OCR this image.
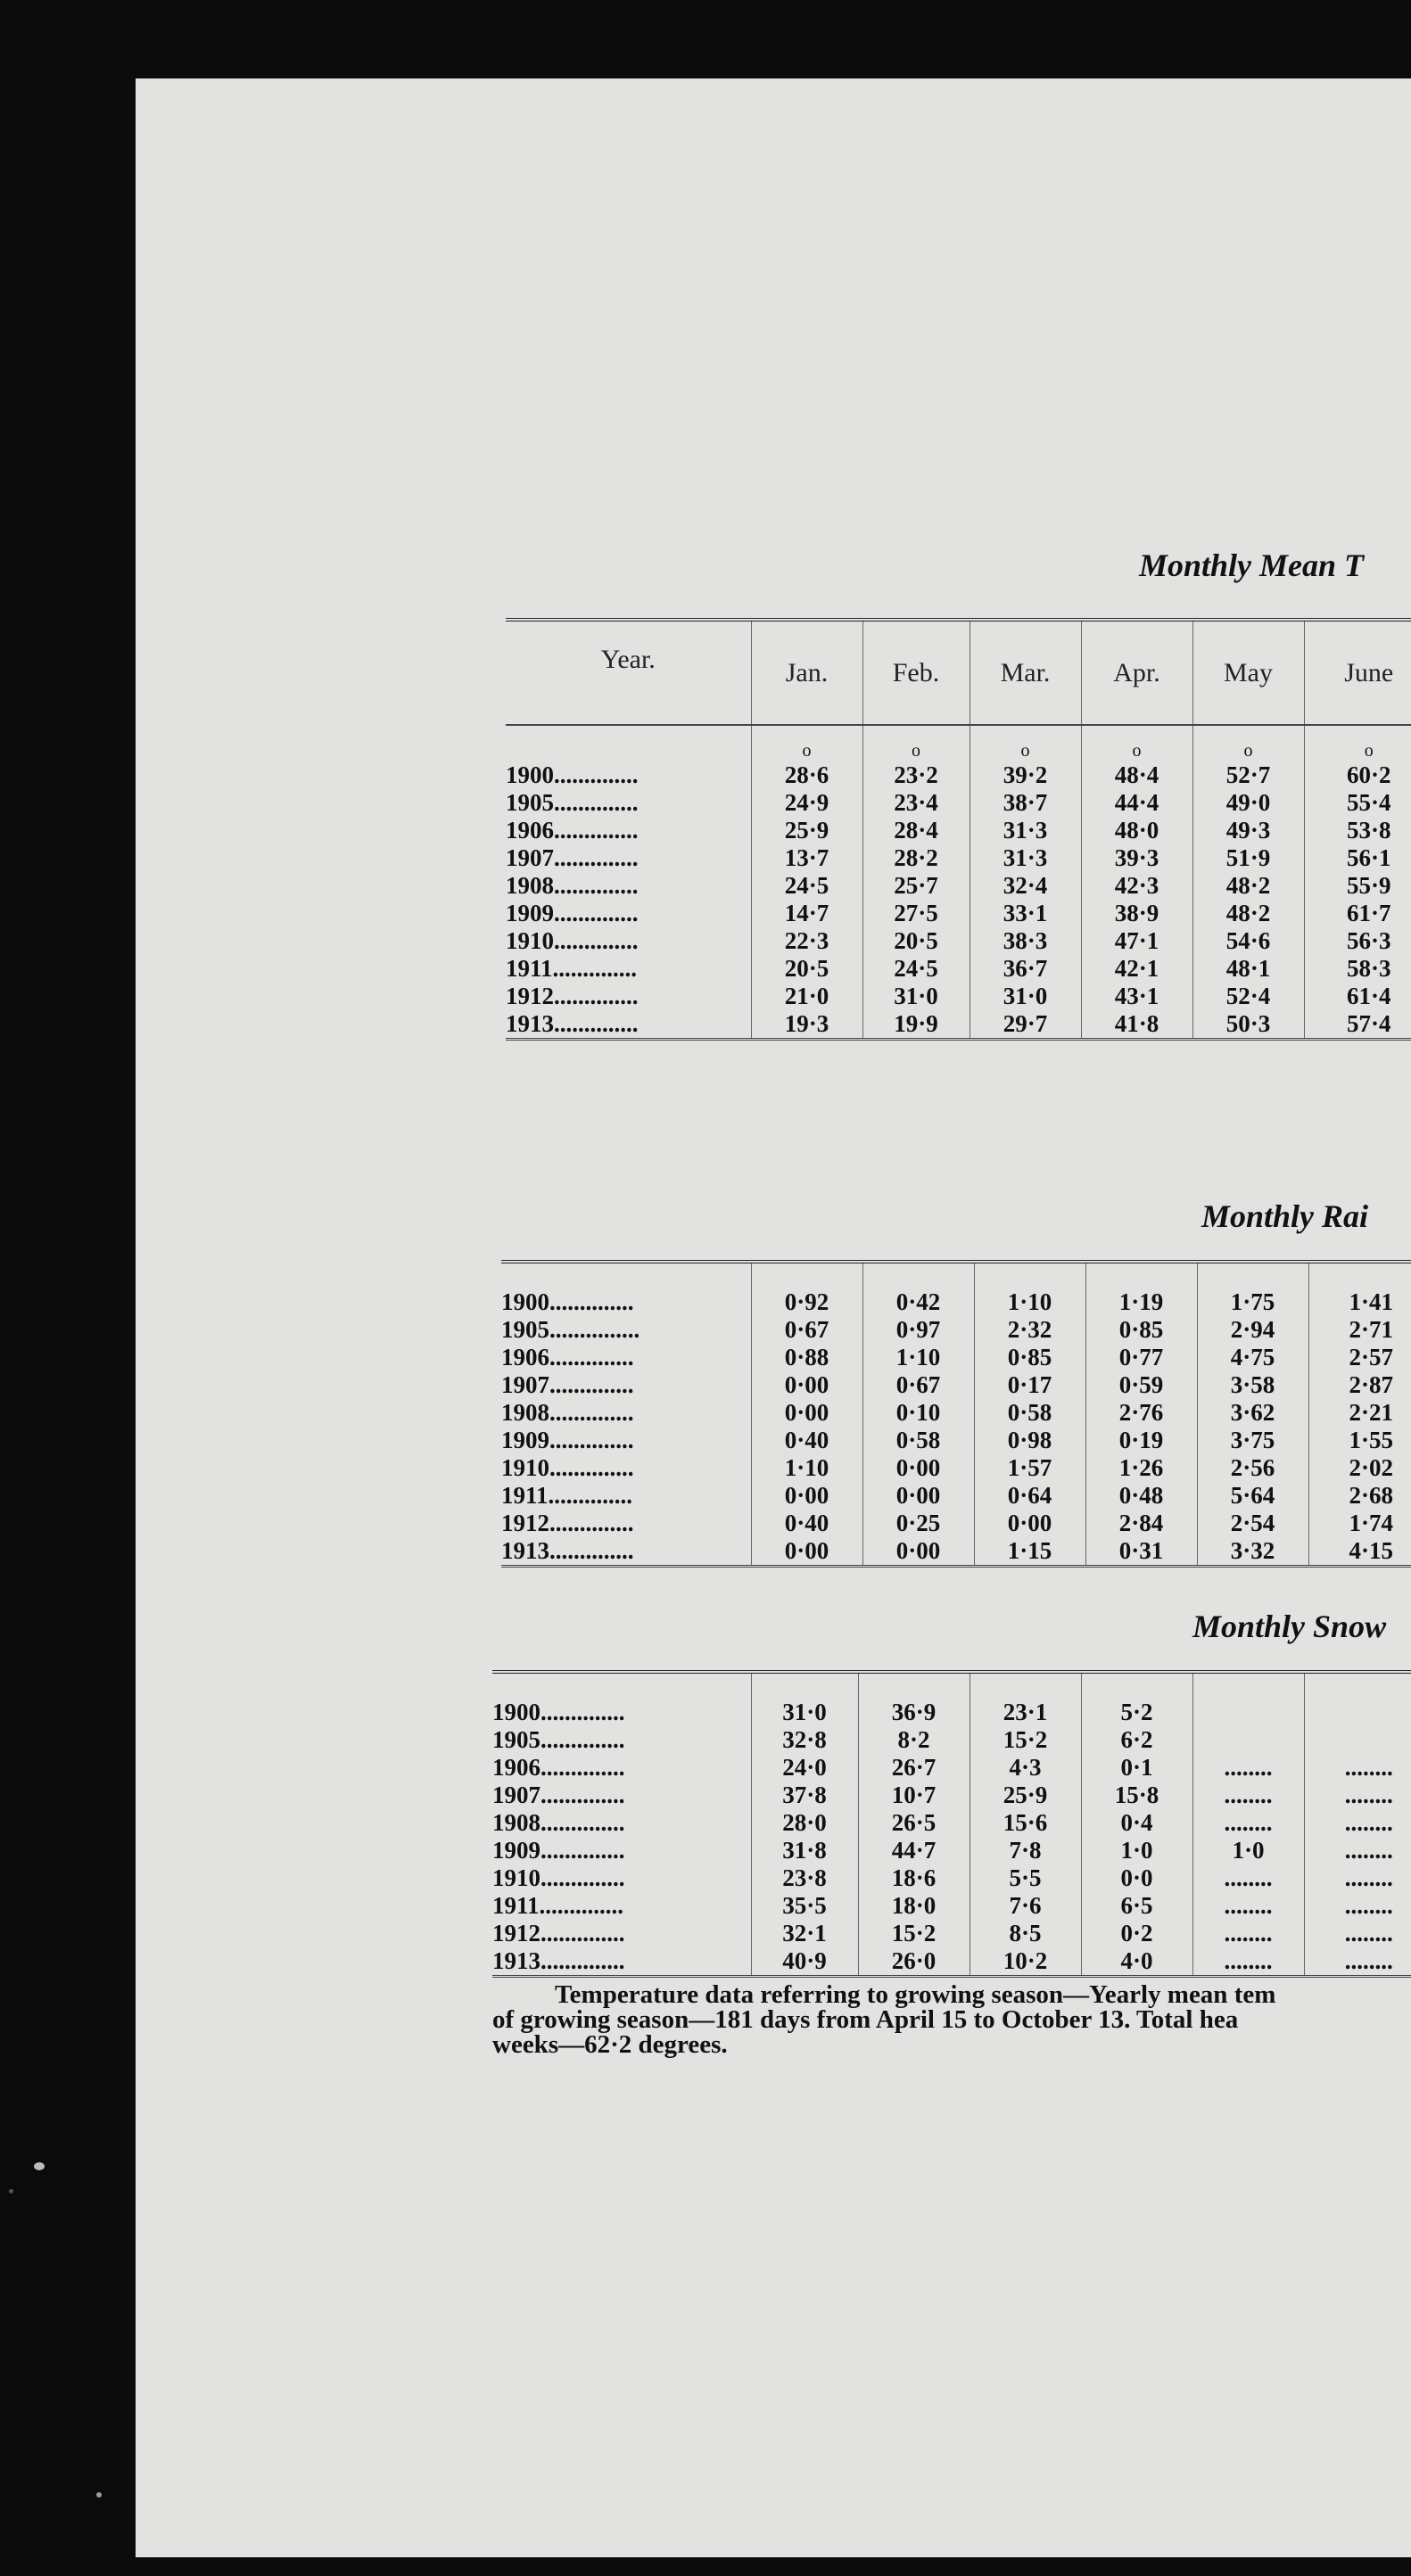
Monthly Mean T
Year.	Jan.	Feb.	Mar.	Apr.	May	June
	o	o	o	o	o	o
1900..............	28·6	23·2	39·2	48·4	52·7	60·2
1905..............	24·9	23·4	38·7	44·4	49·0	55·4
1906..............	25·9	28·4	31·3	48·0	49·3	53·8
1907..............	13·7	28·2	31·3	39·3	51·9	56·1
1908..............	24·5	25·7	32·4	42·3	48·2	55·9
1909..............	14·7	27·5	33·1	38·9	48·2	61·7
1910..............	22·3	20·5	38·3	47·1	54·6	56·3
1911..............	20·5	24·5	36·7	42·1	48·1	58·3
1912..............	21·0	31·0	31·0	43·1	52·4	61·4
1913..............	19·3	19·9	29·7	41·8	50·3	57·4
Monthly Rai

1900..............	0·92	0·42	1·10	1·19	1·75	1·41
1905...............	0·67	0·97	2·32	0·85	2·94	2·71
1906..............	0·88	1·10	0·85	0·77	4·75	2·57
1907..............	0·00	0·67	0·17	0·59	3·58	2·87
1908..............	0·00	0·10	0·58	2·76	3·62	2·21
1909..............	0·40	0·58	0·98	0·19	3·75	1·55
1910..............	1·10	0·00	1·57	1·26	2·56	2·02
1911..............	0·00	0·00	0·64	0·48	5·64	2·68
1912..............	0·40	0·25	0·00	2·84	2·54	1·74
1913..............	0·00	0·00	1·15	0·31	3·32	4·15
Monthly Snow

1900..............	31·0	36·9	23·1	5·2		
1905..............	32·8	8·2	15·2	6·2		
1906..............	24·0	26·7	4·3	0·1	........	........
1907..............	37·8	10·7	25·9	15·8	........	........
1908..............	28·0	26·5	15·6	0·4	........	........
1909..............	31·8	44·7	7·8	1·0	1·0	........
1910..............	23·8	18·6	5·5	0·0	........	........
1911..............	35·5	18·0	7·6	6·5	........	........
1912..............	32·1	15·2	8·5	0·2	........	........
1913..............	40·9	26·0	10·2	4·0	........	........

Temperature data referring to growing season—Yearly mean tem
of growing season—181 days from April 15 to October 13. Total hea
weeks—62·2 degrees.
